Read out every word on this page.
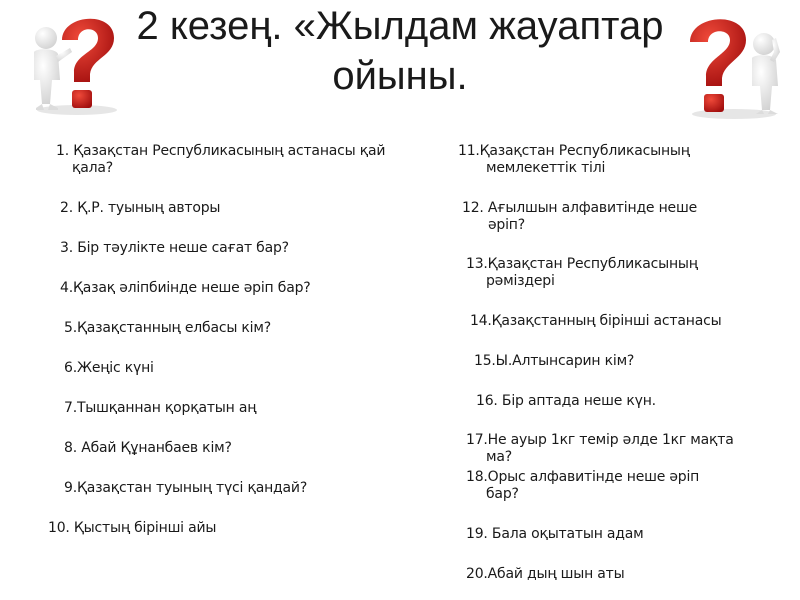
2 кезең. «Жылдам жауаптар
ойыны.
1. Қазақстан Республикасының астанасы қай
қала?
2. Қ.Р. туының авторы
3. Бір тәулікте неше сағат бар?
4.Қазақ әліпбиінде неше әріп бар?
5.Қазақстанның елбасы кім?
6.Жеңіс күні
7.Тышқаннан қорқатын аң
8. Абай Құнанбаев кім?
9.Қазақстан туының түсі қандай?
10. Қыстың бірінші айы
11.Қазақстан Республикасының
мемлекеттік тілі
12. Ағылшын алфавитінде неше
әріп?
13.Қазақстан Республикасының
рәміздері
14.Қазақстанның бірінші астанасы
15.Ы.Алтынсарин кім?
16. Бір аптада неше күн.
17.Не ауыр 1кг темір әлде 1кг мақта
ма?
18.Орыс алфавитінде неше әріп
бар?
19. Бала оқытатын адам
20.Абай дың шын аты
